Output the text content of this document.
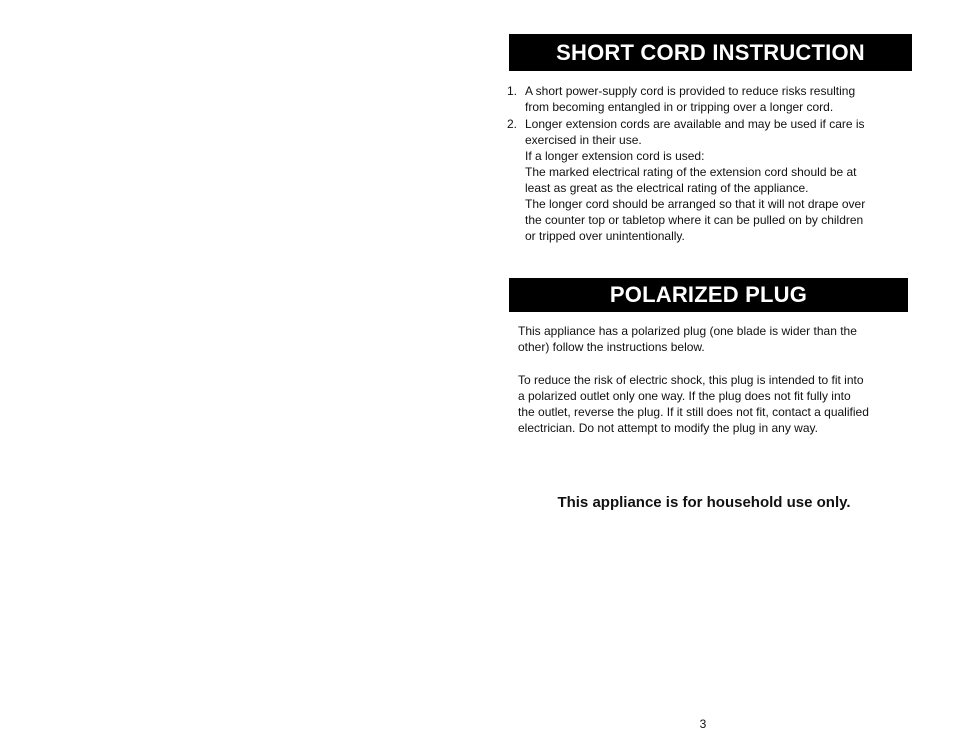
SHORT CORD INSTRUCTION
1. A short power-supply cord is provided to reduce risks resulting
from becoming entangled in or tripping over a longer cord.
2. Longer extension cords are available and may be used if care is
exercised in their use.
If a longer extension cord is used:
The marked electrical rating of the extension cord should be at
least as great as the electrical rating of the appliance.
The longer cord should be arranged so that it will not drape over
the counter top or tabletop where it can be pulled on by children
or tripped over unintentionally.
POLARIZED PLUG
This appliance has a polarized plug (one blade is wider than the
other) follow the instructions below.
To reduce the risk of electric shock, this plug is intended to fit into
a polarized outlet only one way. If the plug does not fit fully into
the outlet, reverse the plug. If it still does not fit, contact a qualified
electrician. Do not attempt to modify the plug in any way.
This appliance is for household use only.
3
